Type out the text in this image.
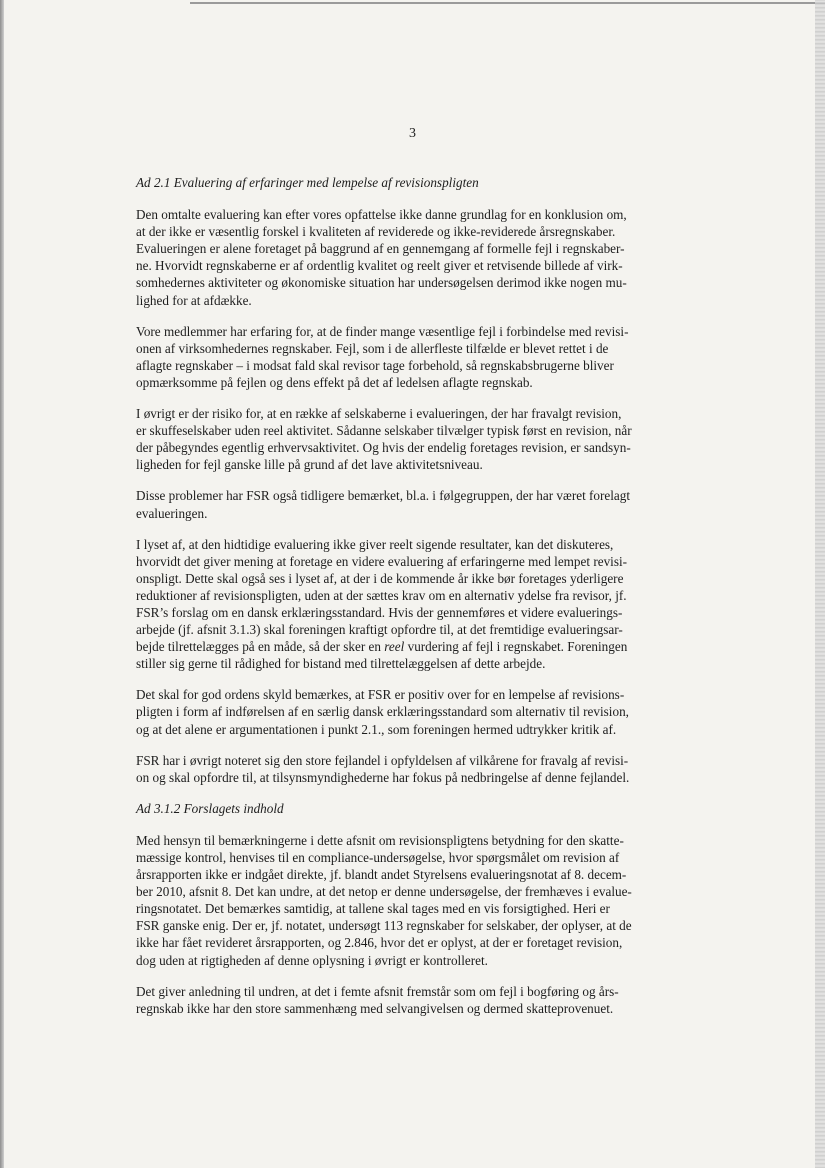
3
Ad 2.1 Evaluering af erfaringer med lempelse af revisionspligten

Den omtalte evaluering kan efter vores opfattelse ikke danne grundlag for en konklusion om,
at der ikke er væsentlig forskel i kvaliteten af reviderede og ikke-reviderede årsregnskaber.
Evalueringen er alene foretaget på baggrund af en gennemgang af formelle fejl i regnskaber-
ne. Hvorvidt regnskaberne er af ordentlig kvalitet og reelt giver et retvisende billede af virk-
somhedernes aktiviteter og økonomiske situation har undersøgelsen derimod ikke nogen mu-
lighed for at afdække.

Vore medlemmer har erfaring for, at de finder mange væsentlige fejl i forbindelse med revisi-
onen af virksomhedernes regnskaber. Fejl, som i de allerfleste tilfælde er blevet rettet i de
aflagte regnskaber – i modsat fald skal revisor tage forbehold, så regnskabsbrugerne bliver
opmærksomme på fejlen og dens effekt på det af ledelsen aflagte regnskab.

I øvrigt er der risiko for, at en række af selskaberne i evalueringen, der har fravalgt revision,
er skuffeselskaber uden reel aktivitet. Sådanne selskaber tilvælger typisk først en revision, når
der påbegyndes egentlig erhvervsaktivitet. Og hvis der endelig foretages revision, er sandsyn-
ligheden for fejl ganske lille på grund af det lave aktivitetsniveau.

Disse problemer har FSR også tidligere bemærket, bl.a. i følgegruppen, der har været forelagt
evalueringen.

I lyset af, at den hidtidige evaluering ikke giver reelt sigende resultater, kan det diskuteres,
hvorvidt det giver mening at foretage en videre evaluering af erfaringerne med lempet revisi-
onspligt. Dette skal også ses i lyset af, at der i de kommende år ikke bør foretages yderligere
reduktioner af revisionspligten, uden at der sættes krav om en alternativ ydelse fra revisor, jf.
FSR’s forslag om en dansk erklæringsstandard. Hvis der gennemføres et videre evaluerings-
arbejde (jf. afsnit 3.1.3) skal foreningen kraftigt opfordre til, at det fremtidige evalueringsar-
bejde tilrettelægges på en måde, så der sker en reel vurdering af fejl i regnskabet. Foreningen
stiller sig gerne til rådighed for bistand med tilrettelæggelsen af dette arbejde.

Det skal for god ordens skyld bemærkes, at FSR er positiv over for en lempelse af revisions-
pligten i form af indførelsen af en særlig dansk erklæringsstandard som alternativ til revision,
og at det alene er argumentationen i punkt 2.1., som foreningen hermed udtrykker kritik af.

FSR har i øvrigt noteret sig den store fejlandel i opfyldelsen af vilkårene for fravalg af revisi-
on og skal opfordre til, at tilsynsmyndighederne har fokus på nedbringelse af denne fejlandel.

Ad 3.1.2 Forslagets indhold

Med hensyn til bemærkningerne i dette afsnit om revisionspligtens betydning for den skatte-
mæssige kontrol, henvises til en compliance-undersøgelse, hvor spørgsmålet om revision af
årsrapporten ikke er indgået direkte, jf. blandt andet Styrelsens evalueringsnotat af 8. decem-
ber 2010, afsnit 8. Det kan undre, at det netop er denne undersøgelse, der fremhæves i evalue-
ringsnotatet. Det bemærkes samtidig, at tallene skal tages med en vis forsigtighed. Heri er
FSR ganske enig. Der er, jf. notatet, undersøgt 113 regnskaber for selskaber, der oplyser, at de
ikke har fået revideret årsrapporten, og 2.846, hvor det er oplyst, at der er foretaget revision,
dog uden at rigtigheden af denne oplysning i øvrigt er kontrolleret.

Det giver anledning til undren, at det i femte afsnit fremstår som om fejl i bogføring og års-
regnskab ikke har den store sammenhæng med selvangivelsen og dermed skatteprovenuet.
